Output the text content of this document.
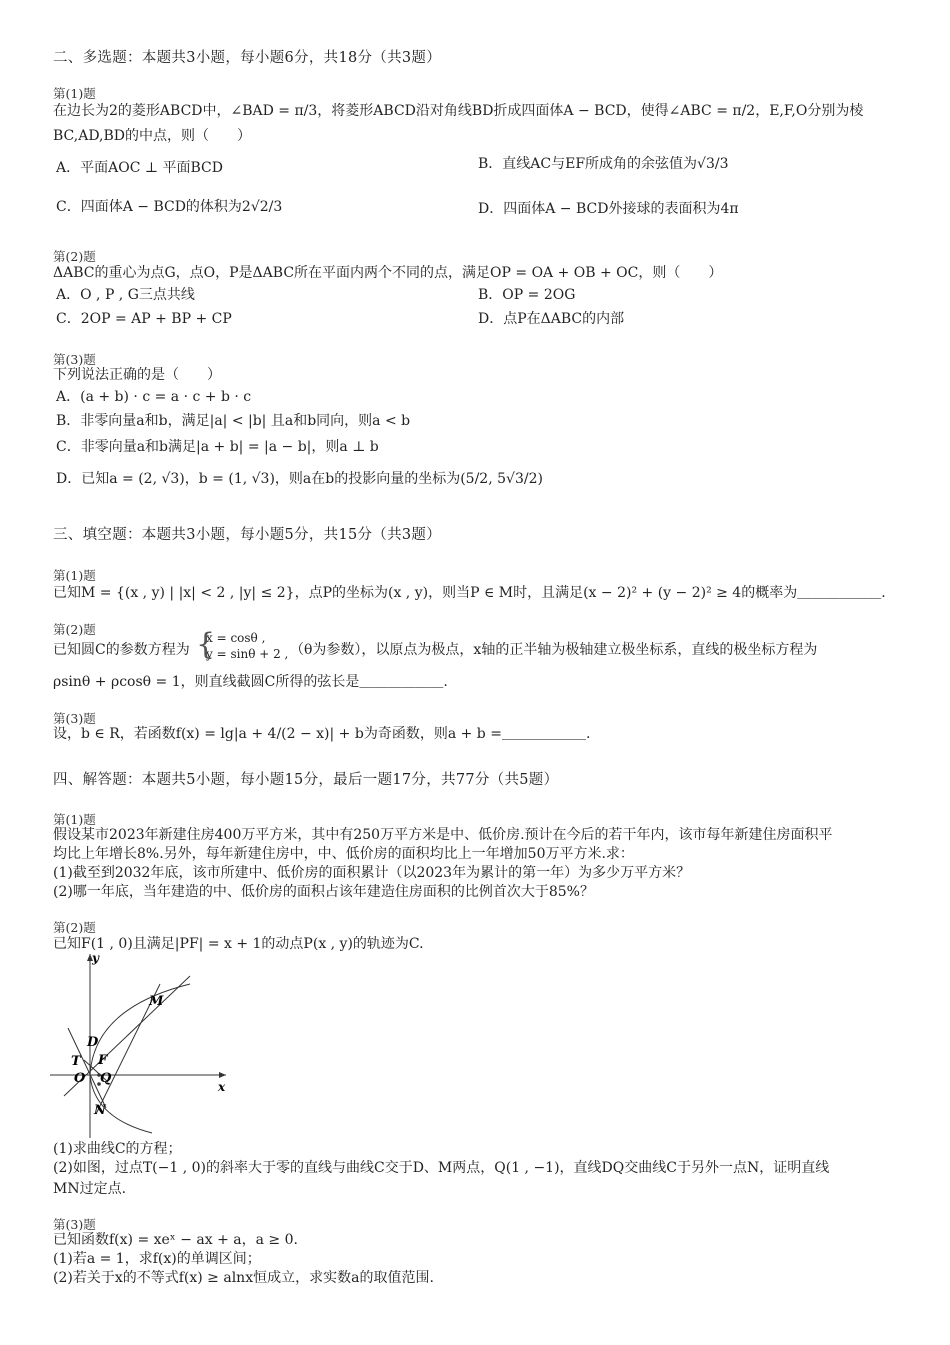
二、多选题：本题共3小题，每小题6分，共18分（共3题）
第(1)题
在边长为2的菱形ABCD中，∠BAD = π/3，将菱形ABCD沿对角线BD折成四面体A − BCD，使得∠ABC = π/2，E,F,O分别为棱
BC,AD,BD的中点，则（　　）
A．平面AOC ⊥ 平面BCD	B．直线AC与EF所成角的余弦值为√3/3
C．四面体A − BCD的体积为2√2/3	D．四面体A − BCD外接球的表面积为4π
第(2)题
ΔABC的重心为点G，点O，P是ΔABC所在平面内两个不同的点，满足OP = OA + OB + OC，则（　　）
A．O , P , G三点共线	B．OP = 2OG
C．2OP = AP + BP + CP	D．点P在ΔABC的内部
第(3)题
下列说法正确的是（　　）
A．(a + b) · c = a · c + b · c
B．非零向量a和b，满足|a| < |b| 且a和b同向，则a < b
C．非零向量a和b满足|a + b| = |a − b|，则a ⊥ b
D．已知a = (2, √3)，b = (1, √3)，则a在b的投影向量的坐标为(5/2, 5√3/2)
三、填空题：本题共3小题，每小题5分，共15分（共3题）
第(1)题
已知M = {(x , y) | |x| < 2 , |y| ≤ 2}，点P的坐标为(x , y)，则当P ∈ M时，且满足(x − 2)² + (y − 2)² ≥ 4的概率为＿＿＿＿＿＿.
第(2)题
已知圆C的参数方程为 {
x = cosθ ,
y = sinθ + 2 , （θ为参数），以原点为极点，x轴的正半轴为极轴建立极坐标系，直线的极坐标方程为
ρsinθ + ρcosθ = 1，则直线截圆C所得的弦长是＿＿＿＿＿＿.
第(3)题
设，b ∈ R，若函数f(x) = lg|a + 4/(2 − x)| + b为奇函数，则a + b =＿＿＿＿＿＿.
四、解答题：本题共5小题，每小题15分，最后一题17分，共77分（共5题）
第(1)题
假设某市2023年新建住房400万平方米，其中有250万平方米是中、低价房.预计在今后的若干年内，该市每年新建住房面积平
均比上年增长8%.另外，每年新建住房中，中、低价房的面积均比上一年增加50万平方米.求：
(1)截至到2032年底，该市所建中、低价房的面积累计（以2023年为累计的第一年）为多少万平方米？
(2)哪一年底，当年建造的中、低价房的面积占该年建造住房面积的比例首次大于85%？
第(2)题
已知F(1 , 0)且满足|PF| = x + 1的动点P(x , y)的轨迹为C.
y
x
O
T F
D
M
N
Q
(1)求曲线C的方程；
(2)如图，过点T(−1 , 0)的斜率大于零的直线与曲线C交于D、M两点，Q(1 , −1)，直线DQ交曲线C于另外一点N，证明直线
MN过定点.
第(3)题
已知函数f(x) = xeˣ − ax + a，a ≥ 0.
(1)若a = 1，求f(x)的单调区间；
(2)若关于x的不等式f(x) ≥ alnx恒成立，求实数a的取值范围.
